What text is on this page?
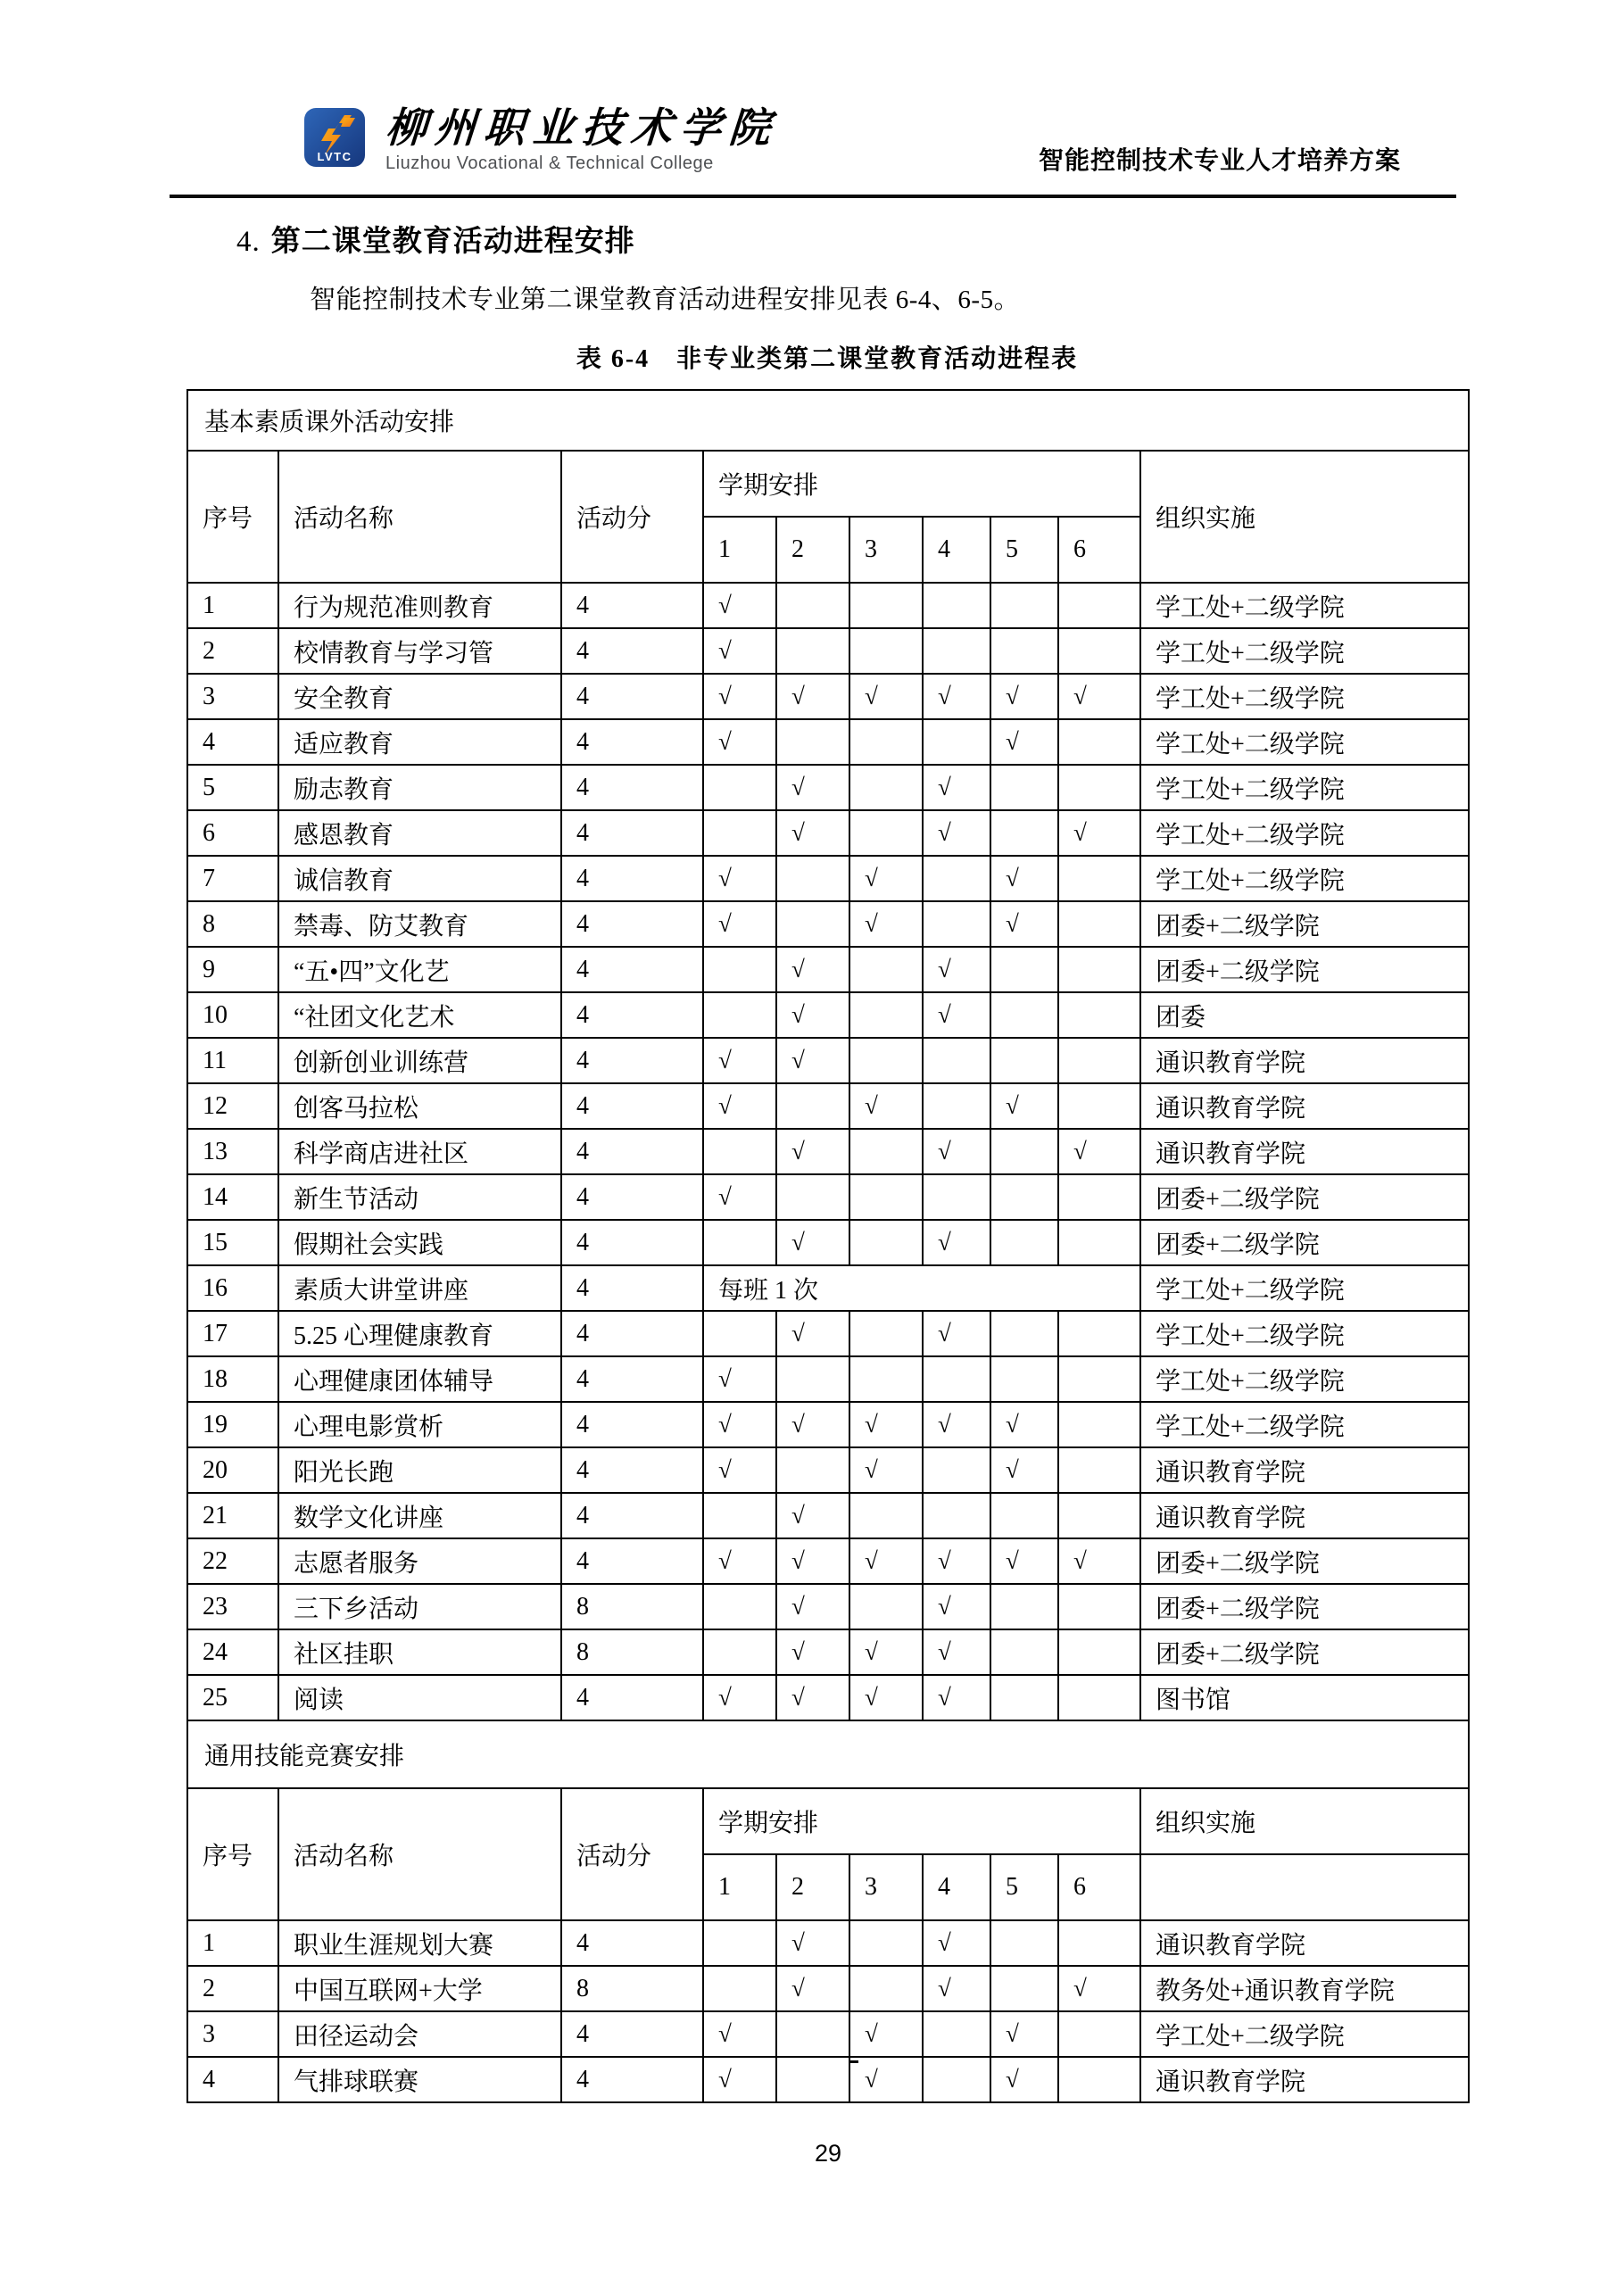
LVTC
柳州职业技术学院
Liuzhou Vocational & Technical College	智能控制技术专业人才培养方案
4. 第二课堂教育活动进程安排

智能控制技术专业第二课堂教育活动进程安排见表 6-4、6-5。

表 6-4　非专业类第二课堂教育活动进程表
基本素质课外活动安排									
序号	活动名称	活动分	学期安排						组织实施
			1	2	3	4	5	6	
1	行为规范准则教育	4	√						学工处+二级学院
2	校情教育与学习管	4	√						学工处+二级学院
3	安全教育	4	√	√	√	√	√	√	学工处+二级学院
4	适应教育	4	√				√		学工处+二级学院
5	励志教育	4		√		√			学工处+二级学院
6	感恩教育	4		√		√		√	学工处+二级学院
7	诚信教育	4	√		√		√		学工处+二级学院
8	禁毒、防艾教育	4	√		√		√		团委+二级学院
9	“五•四”文化艺	4		√		√			团委+二级学院
10	“社团文化艺术	4		√		√			团委
11	创新创业训练营	4	√	√					通识教育学院
12	创客马拉松	4	√		√		√		通识教育学院
13	科学商店进社区	4		√		√		√	通识教育学院
14	新生节活动	4	√						团委+二级学院
15	假期社会实践	4		√		√			团委+二级学院
16	素质大讲堂讲座	4	每班 1 次						学工处+二级学院
17	5.25 心理健康教育	4		√		√			学工处+二级学院
18	心理健康团体辅导	4	√						学工处+二级学院
19	心理电影赏析	4	√	√	√	√	√		学工处+二级学院
20	阳光长跑	4	√		√		√		通识教育学院
21	数学文化讲座	4		√					通识教育学院
22	志愿者服务	4	√	√	√	√	√	√	团委+二级学院
23	三下乡活动	8		√		√			团委+二级学院
24	社区挂职	8		√	√	√			团委+二级学院
25	阅读	4	√	√	√	√			图书馆
通用技能竞赛安排									
序号	活动名称	活动分	学期安排						组织实施
			1	2	3	4	5	6	
1	职业生涯规划大赛	4		√		√			通识教育学院
2	中国互联网+大学	8		√		√		√	教务处+通识教育学院
3	田径运动会	4	√		√		√		学工处+二级学院
4	气排球联赛	4	√		√		√		通识教育学院
29
